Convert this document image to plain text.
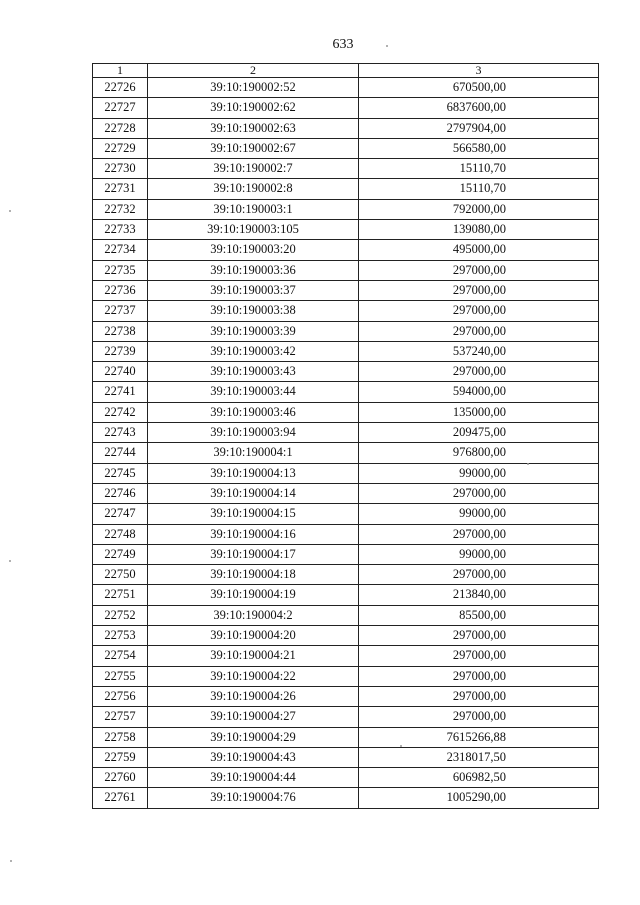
633
1	2	3
22726	39:10:190002:52	670500,00
22727	39:10:190002:62	6837600,00
22728	39:10:190002:63	2797904,00
22729	39:10:190002:67	566580,00
22730	39:10:190002:7	15110,70
22731	39:10:190002:8	15110,70
22732	39:10:190003:1	792000,00
22733	39:10:190003:105	139080,00
22734	39:10:190003:20	495000,00
22735	39:10:190003:36	297000,00
22736	39:10:190003:37	297000,00
22737	39:10:190003:38	297000,00
22738	39:10:190003:39	297000,00
22739	39:10:190003:42	537240,00
22740	39:10:190003:43	297000,00
22741	39:10:190003:44	594000,00
22742	39:10:190003:46	135000,00
22743	39:10:190003:94	209475,00
22744	39:10:190004:1	976800,00
22745	39:10:190004:13	99000,00
22746	39:10:190004:14	297000,00
22747	39:10:190004:15	99000,00
22748	39:10:190004:16	297000,00
22749	39:10:190004:17	99000,00
22750	39:10:190004:18	297000,00
22751	39:10:190004:19	213840,00
22752	39:10:190004:2	85500,00
22753	39:10:190004:20	297000,00
22754	39:10:190004:21	297000,00
22755	39:10:190004:22	297000,00
22756	39:10:190004:26	297000,00
22757	39:10:190004:27	297000,00
22758	39:10:190004:29	7615266,88
22759	39:10:190004:43	2318017,50
22760	39:10:190004:44	606982,50
22761	39:10:190004:76	1005290,00
